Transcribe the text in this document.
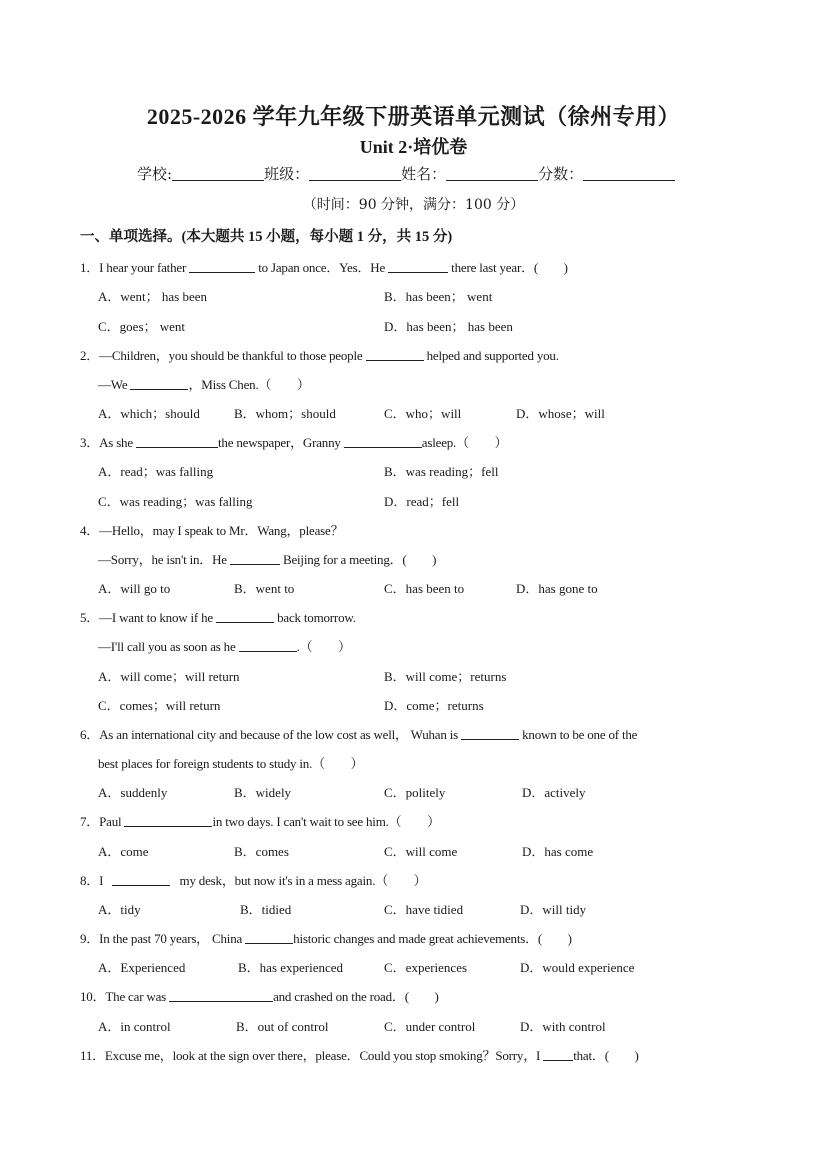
2025-2026 学年九年级下册英语单元测试（徐州专用）
Unit 2·培优卷
学校:	班级：	姓名：	分数：
（时间：90 分钟，满分：100 分）
一、单项选择。(本大题共 15 小题，每小题 1 分，共 15 分)
1．I hear your father	to Japan once．Yes．He	there last year．(　　)
A．went； has been	B．has been； went
C．goes； went	D．has been； has been
2．—Children，you should be thankful to those people	helped and supported you.
—We	，Miss Chen.（　　）
A．which；should	B．whom；should	C．who；will	D．whose；will
3．As she	the newspaper，Granny	asleep.（　　）
A．read；was falling	B．was reading；fell
C．was reading；was falling	D．read；fell
4．—Hello，may I speak to Mr．Wang，please？
—Sorry，he isn't in．He	Beijing for a meeting．(　　)
A．will go to	B．went to	C．has been to	D．has gone to
5．—I want to know if he	back tomorrow.
—I'll call you as soon as he	.（　　）
A．will come；will return	B．will come；returns
C．comes；will return	D．come；returns
6．As an international city and because of the low cost as well， Wuhan is	known to be one of the
best places for foreign students to study in.（　　）
A．suddenly	B．widely	C．politely	D．actively
7．Paul	in two days. I can't wait to see him.（　　）
A．come	B．comes	C．will come	D．has come
8．I	my desk，but now it's in a mess again.（　　）
A．tidy	B．tidied	C．have tidied	D．will tidy
9．In the past 70 years， China	historic changes and made great achievements．(　　)
A．Experienced	B．has experienced	C．experiences	D．would experience
10．The car was	and crashed on the road．(　　)
A．in control	B．out of control	C．under control	D．with control
11．Excuse me，look at the sign over there，please．Could you stop smoking？Sorry，I	that．(　　)
